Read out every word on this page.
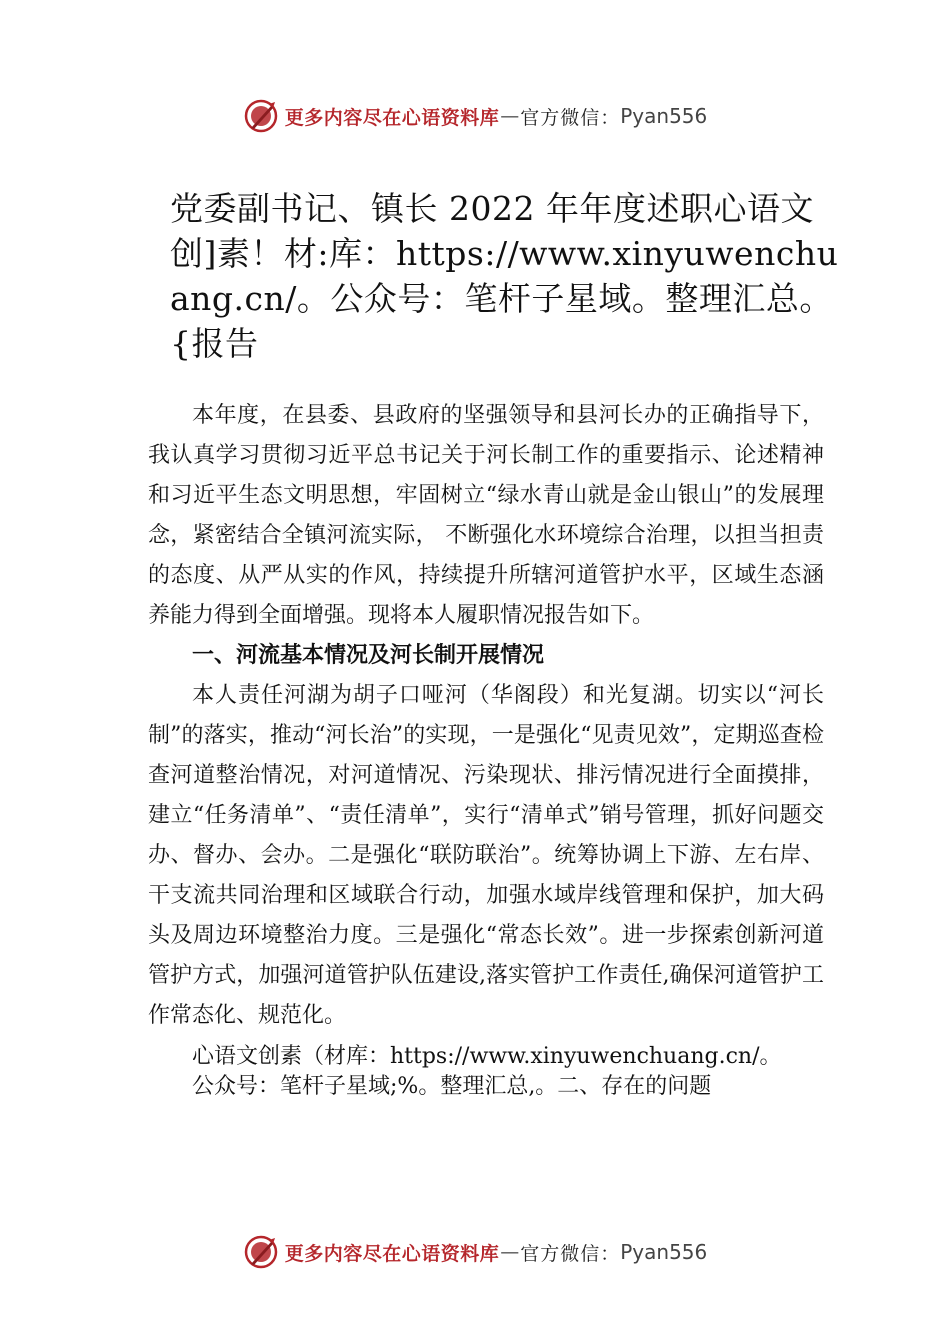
更多内容尽在心语资料库 — 官方微信： Pyan556
党委副书记、镇长 2022 年年度述职心语文创]素！材:库：https://www.xinyuwenchuang.cn/。公众号：笔杆子星域。整理汇总。{报告

本年度，在县委、县政府的坚强领导和县河长办的正确指导下，我认真学习贯彻习近平总书记关于河长制工作的重要指示、论述精神和习近平生态文明思想，牢固树立“绿水青山就是金山银山”的发展理念，紧密结合全镇河流实际， 不断强化水环境综合治理，以担当担责的态度、从严从实的作风，持续提升所辖河道管护水平，区域生态涵养能力得到全面增强。现将本人履职情况报告如下。

一、河流基本情况及河长制开展情况

本人责任河湖为胡子口哑河（华阁段）和光复湖。切实以“河长制”的落实，推动“河长治”的实现，一是强化“见责见效”，定期巡查检查河道整治情况，对河道情况、污染现状、排污情况进行全面摸排，建立“任务清单”、“责任清单”，实行“清单式”销号管理，抓好问题交办、督办、会办。二是强化“联防联治”。统筹协调上下游、左右岸、干支流共同治理和区域联合行动，加强水域岸线管理和保护，加大码头及周边环境整治力度。三是强化“常态长效”。进一步探索创新河道管护方式，加强河道管护队伍建设,落实管护工作责任,确保河道管护工作常态化、规范化。

心语文创素（材库：https://www.xinyuwenchuang.cn/。

公众号：笔杆子星域;%。整理汇总,。二、存在的问题

更多内容尽在心语资料库 — 官方微信： Pyan556
